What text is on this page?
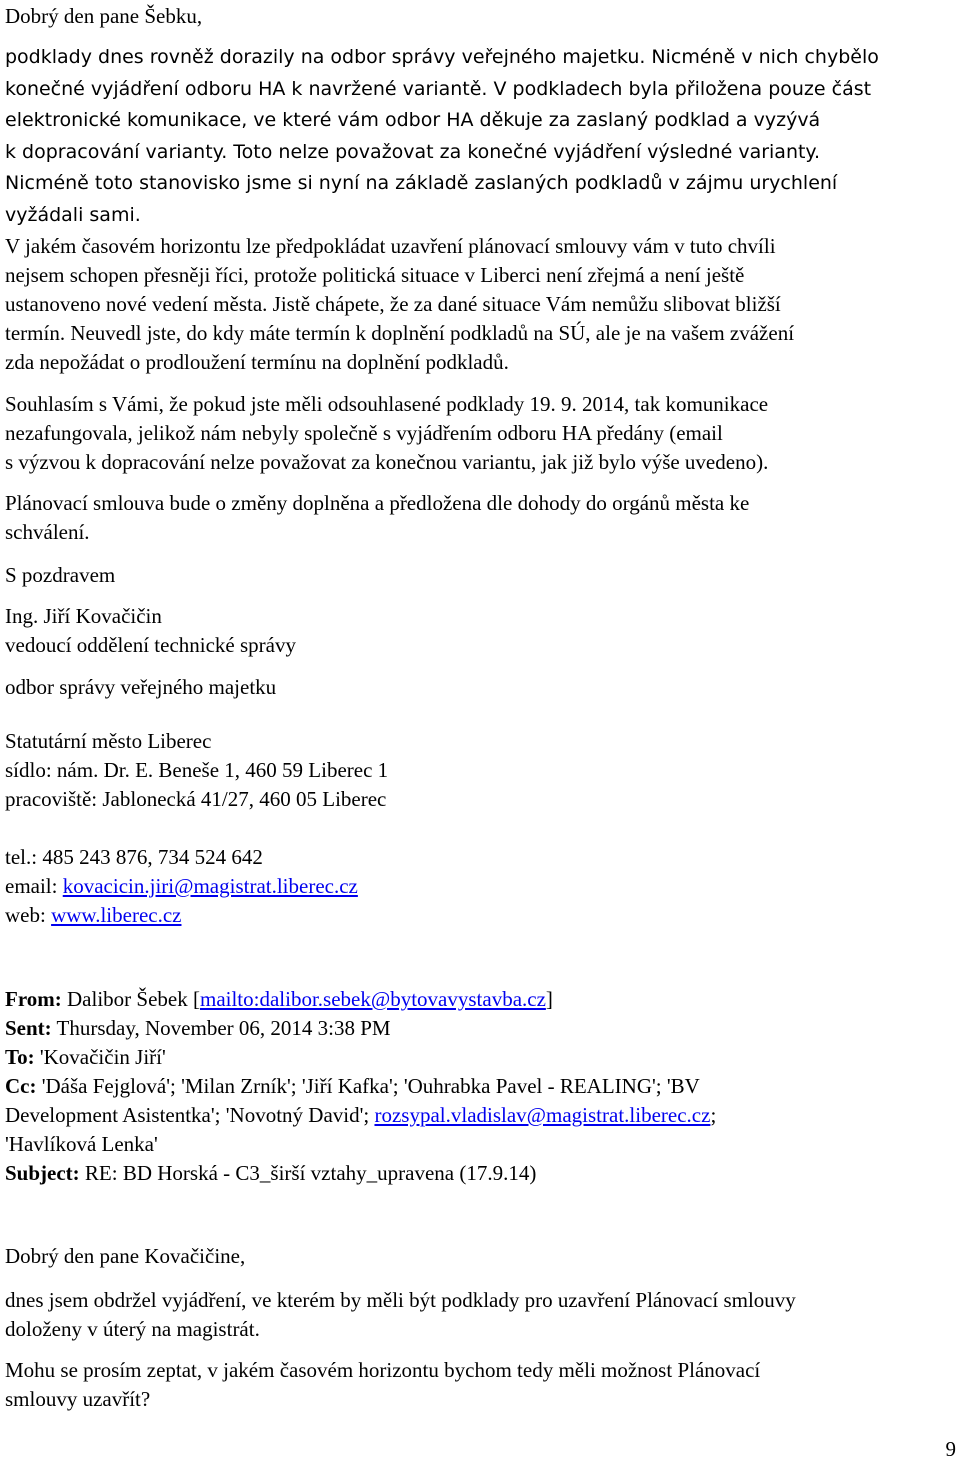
Dobrý den pane Šebku,

podklady dnes rovněž dorazily na odbor správy veřejného majetku. Nicméně v nich chybělo
konečné vyjádření odboru HA k navržené variantě. V podkladech byla přiložena pouze část
elektronické komunikace, ve které vám odbor HA děkuje za zaslaný podklad a vyzývá
k dopracování varianty. Toto nelze považovat za konečné vyjádření výsledné varianty.
Nicméně toto stanovisko jsme si nyní na základě zaslaných podkladů v zájmu urychlení
vyžádali sami.
V jakém časovém horizontu lze předpokládat uzavření plánovací smlouvy vám v tuto chvíli
nejsem schopen přesněji říci, protože politická situace v Liberci není zřejmá a není ještě
ustanoveno nové vedení města. Jistě chápete, že za dané situace Vám nemůžu slibovat bližší
termín. Neuvedl jste, do kdy máte termín k doplnění podkladů na SÚ, ale je na vašem zvážení
zda nepožádat o prodloužení termínu na doplnění podkladů.
Souhlasím s Vámi, že pokud jste měli odsouhlasené podklady 19. 9. 2014, tak komunikace
nezafungovala, jelikož nám nebyly společně s vyjádřením odboru HA předány (email
s výzvou k dopracování nelze považovat za konečnou variantu, jak již bylo výše uvedeno).
Plánovací smlouva bude o změny doplněna a předložena dle dohody do orgánů města ke
schválení.

S pozdravem

Ing. Jiří Kovačičin

vedoucí oddělení technické správy

odbor správy veřejného majetku

Statutární město Liberec
sídlo: nám. Dr. E. Beneše 1, 460 59 Liberec 1
pracoviště: Jablonecká 41/27, 460 05 Liberec
tel.: 485 243 876, 734 524 642
email: kovacicin.jiri@magistrat.liberec.cz
web: www.liberec.cz
From: Dalibor Šebek [mailto:dalibor.sebek@bytovavystavba.cz]
Sent: Thursday, November 06, 2014 3:38 PM
To: 'Kovačičin Jiří'
Cc: 'Dáša Fejglová'; 'Milan Zrník'; 'Jiří Kafka'; 'Ouhrabka Pavel - REALING'; 'BV
Development Asistentka'; 'Novotný David'; rozsypal.vladislav@magistrat.liberec.cz;
'Havlíková Lenka'
Subject: RE: BD Horská - C3_širší vztahy_upravena (17.9.14)

Dobrý den pane Kovačičine,

dnes jsem obdržel vyjádření, ve kterém by měli být podklady pro uzavření Plánovací smlouvy
doloženy v úterý na magistrát.
Mohu se prosím zeptat, v jakém časovém horizontu bychom tedy měli možnost Plánovací
smlouvy uzavřít?
9
